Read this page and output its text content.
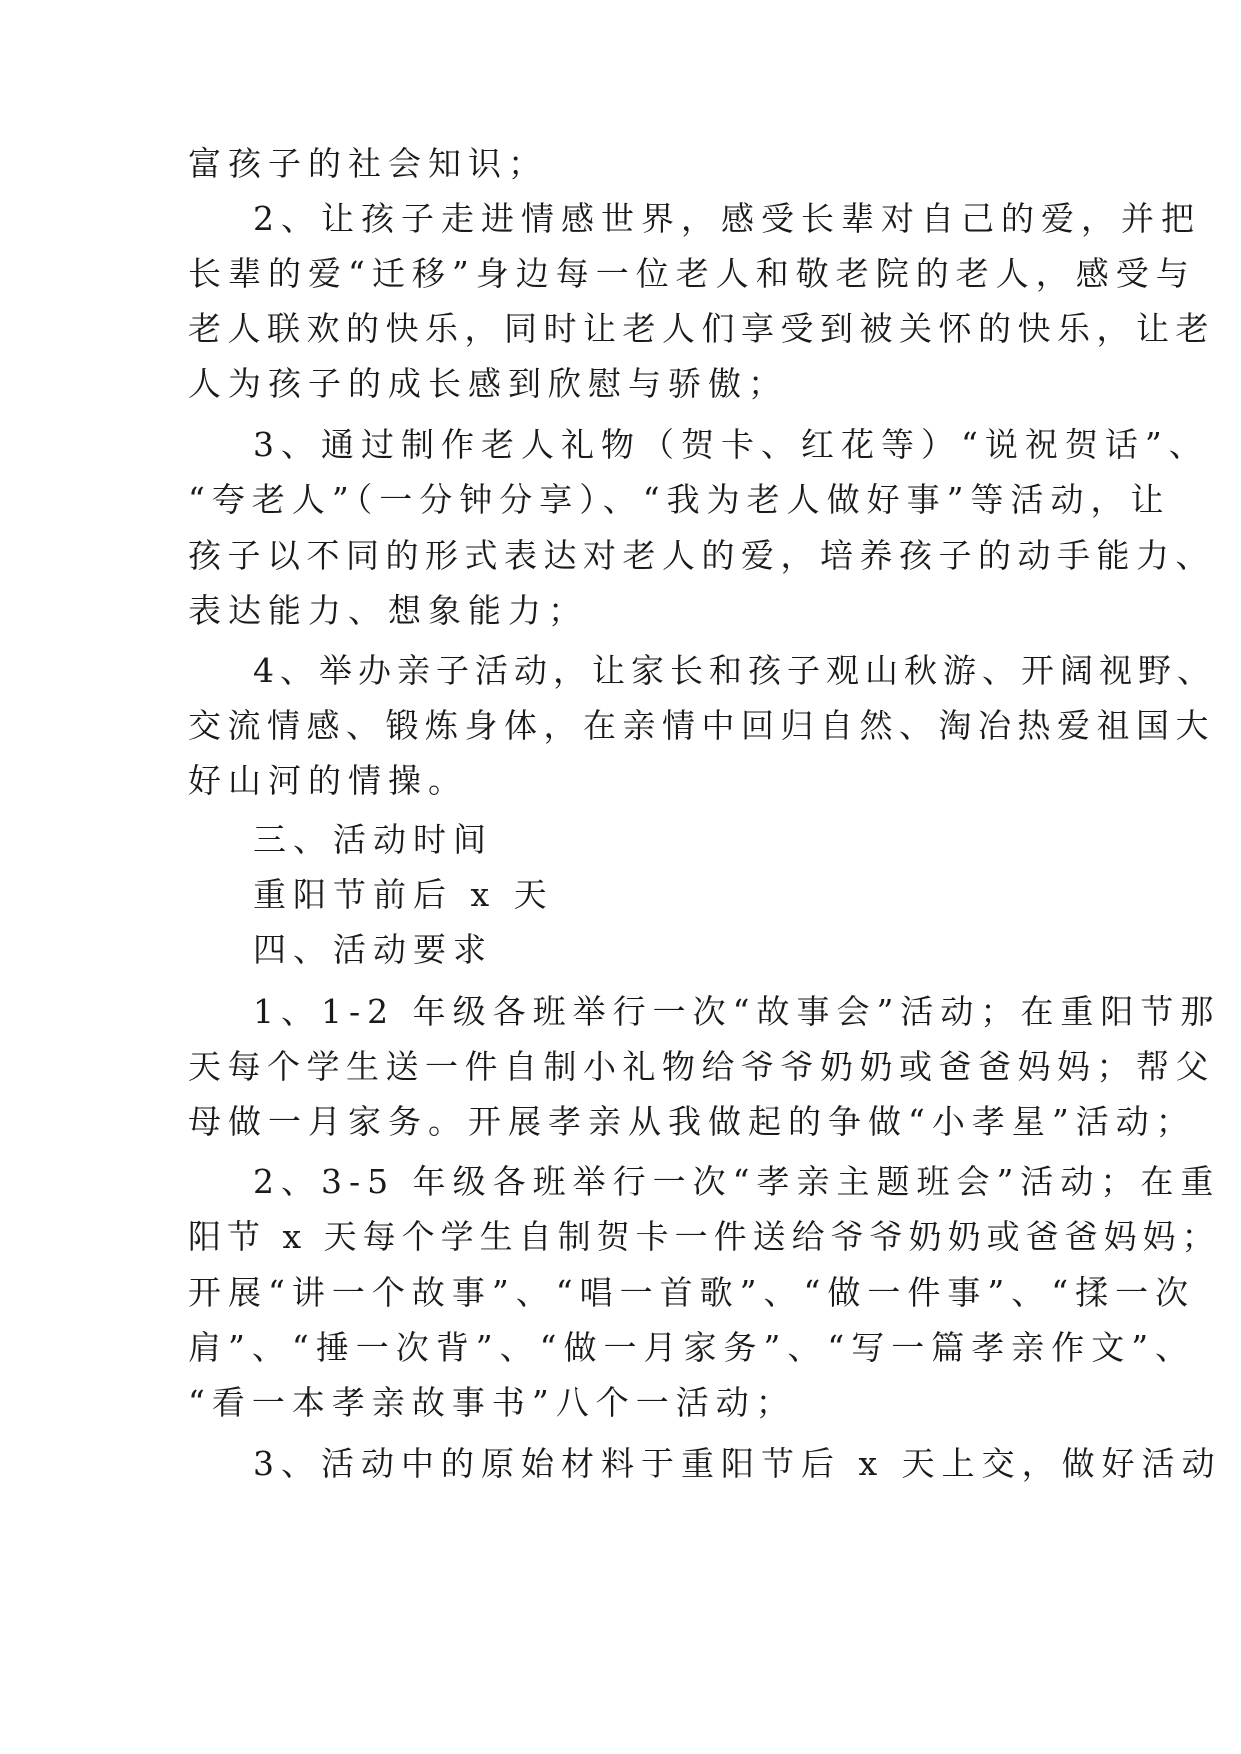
富孩子的社会知识；
2、让孩子走进情感世界，感受长辈对自己的爱，并把
长辈的爱“迁移”身边每一位老人和敬老院的老人，感受与
老人联欢的快乐，同时让老人们享受到被关怀的快乐，让老
人为孩子的成长感到欣慰与骄傲；
3、通过制作老人礼物（贺卡、红花等）“说祝贺话”、
“夸老人”（一分钟分享）、“我为老人做好事”等活动，让
孩子以不同的形式表达对老人的爱，培养孩子的动手能力、
表达能力、想象能力；
4、举办亲子活动，让家长和孩子观山秋游、开阔视野、
交流情感、锻炼身体，在亲情中回归自然、淘冶热爱祖国大
好山河的情操。
三、活动时间
重阳节前后 x 天
四、活动要求
1、1-2 年级各班举行一次“故事会”活动；在重阳节那
天每个学生送一件自制小礼物给爷爷奶奶或爸爸妈妈；帮父
母做一月家务。开展孝亲从我做起的争做“小孝星”活动；
2、3-5 年级各班举行一次“孝亲主题班会”活动；在重
阳节 x 天每个学生自制贺卡一件送给爷爷奶奶或爸爸妈妈；
开展“讲一个故事”、“唱一首歌”、“做一件事”、“揉一次
肩”、“捶一次背”、“做一月家务”、“写一篇孝亲作文”、
“看一本孝亲故事书”八个一活动；
3、活动中的原始材料于重阳节后 x 天上交，做好活动
